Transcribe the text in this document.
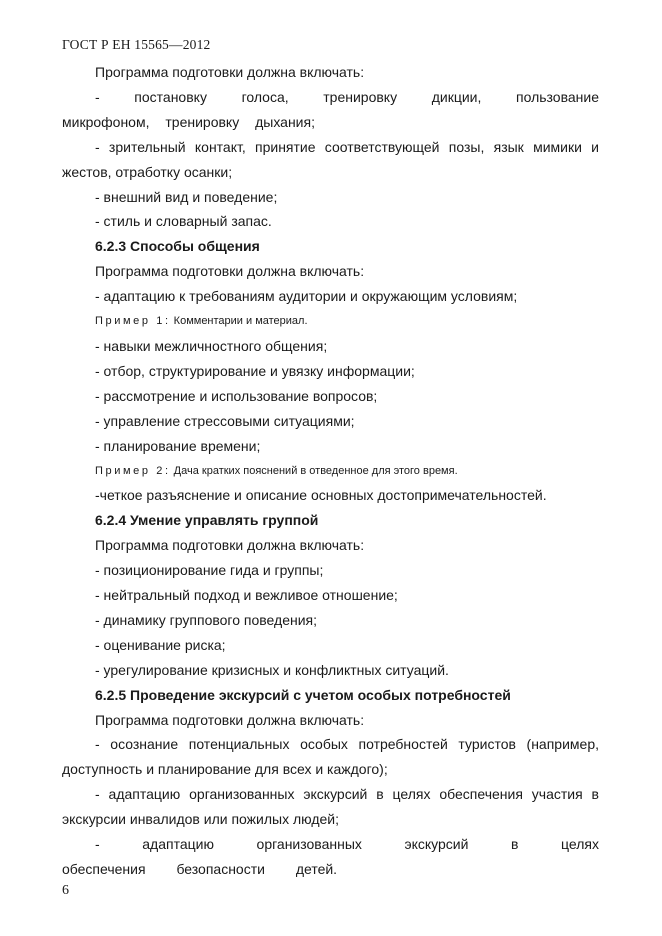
ГОСТ Р ЕН 15565—2012

Программа подготовки должна включать:

- постановку голоса, тренировку дикции, пользование микрофоном, тренировку дыхания;

- зрительный контакт, принятие соответствующей позы, язык мимики и жестов, отработку осанки;

- внешний вид и поведение;

- стиль и словарный запас.

6.2.3 Способы общения

Программа подготовки должна включать:

- адаптацию к требованиям аудитории и окружающим условиям;

Пример 1: Комментарии и материал.

- навыки межличностного общения;

- отбор, структурирование и увязку информации;

- рассмотрение и использование вопросов;

- управление стрессовыми ситуациями;

- планирование времени;

Пример 2: Дача кратких пояснений в отведенное для этого время.

-четкое разъяснение и описание основных достопримечательностей.

6.2.4 Умение управлять группой

Программа подготовки должна включать:

- позиционирование гида и группы;

- нейтральный подход и вежливое отношение;

- динамику группового поведения;

- оценивание риска;

- урегулирование кризисных и конфликтных ситуаций.

6.2.5 Проведение экскурсий с учетом особых потребностей

Программа подготовки должна включать:

- осознание потенциальных особых потребностей туристов (например, доступность и планирование для всех и каждого);

- адаптацию организованных экскурсий в целях обеспечения участия в экскурсии инвалидов или пожилых людей;

- адаптацию организованных экскурсий в целях обеспечения безопасности детей.

6
